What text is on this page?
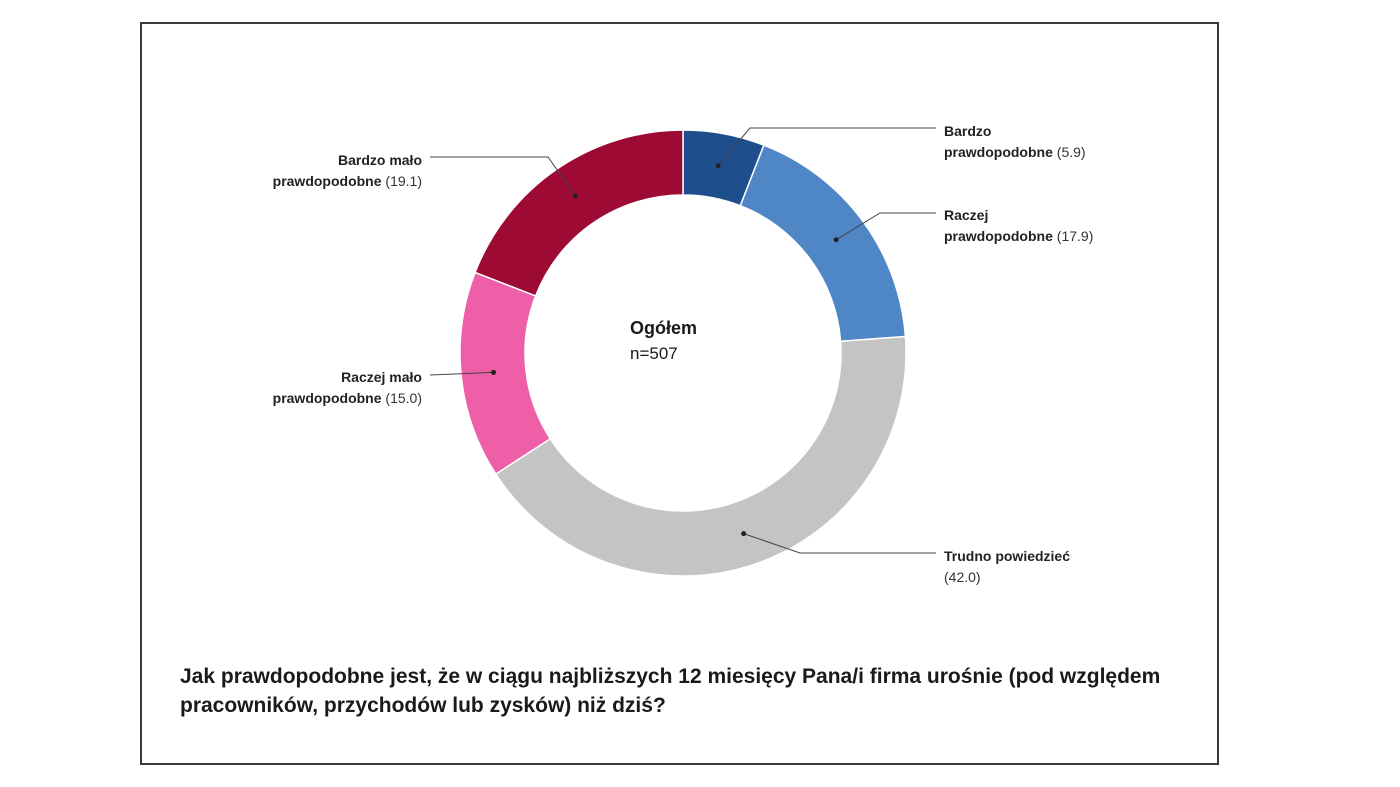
Bardzo
prawdopodobne (5.9)
Raczej
prawdopodobne (17.9)
Trudno powiedzieć
(42.0)
Raczej mało
prawdopodobne (15.0)
Bardzo mało
prawdopodobne (19.1)
Ogółem
n=507
Jak prawdopodobne jest, że w ciągu najbliższych 12 miesięcy Pana/i firma urośnie (pod względem pracowników, przychodów lub zysków) niż dziś?
